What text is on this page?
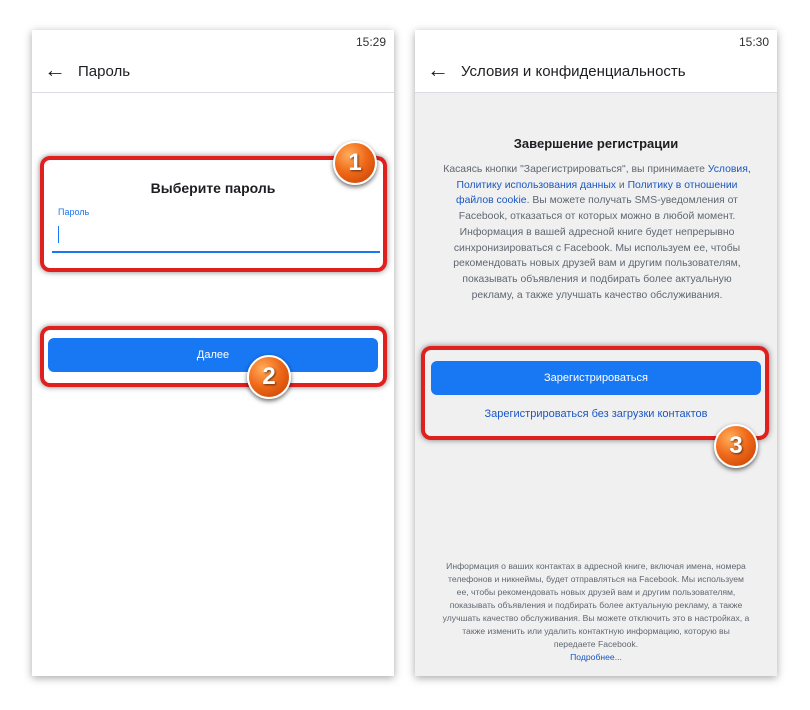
15:29
← Пароль
Выберите пароль
Пароль
Далее
15:30
← Условия и конфиденциальность
Завершение регистрации
Касаясь кнопки "Зарегистрироваться", вы принимаете Условия, Политику использования данных и Политику в отношении файлов cookie. Вы можете получать SMS-уведомления от Facebook, отказаться от которых можно в любой момент. Информация в вашей адресной книге будет непрерывно синхронизироваться с Facebook. Мы используем ее, чтобы рекомендовать новых друзей вам и другим пользователям, показывать объявления и подбирать более актуальную рекламу, а также улучшать качество обслуживания.
Зарегистрироваться
Зарегистрироваться без загрузки контактов
Информация о ваших контактах в адресной книге, включая имена, номера телефонов и никнеймы, будет отправляться на Facebook. Мы используем ее, чтобы рекомендовать новых друзей вам и другим пользователям, показывать объявления и подбирать более актуальную рекламу, а также улучшать качество обслуживания. Вы можете отключить это в настройках, а также изменить или удалить контактную информацию, которую вы передаете Facebook.
Подробнее...
1
2
3
